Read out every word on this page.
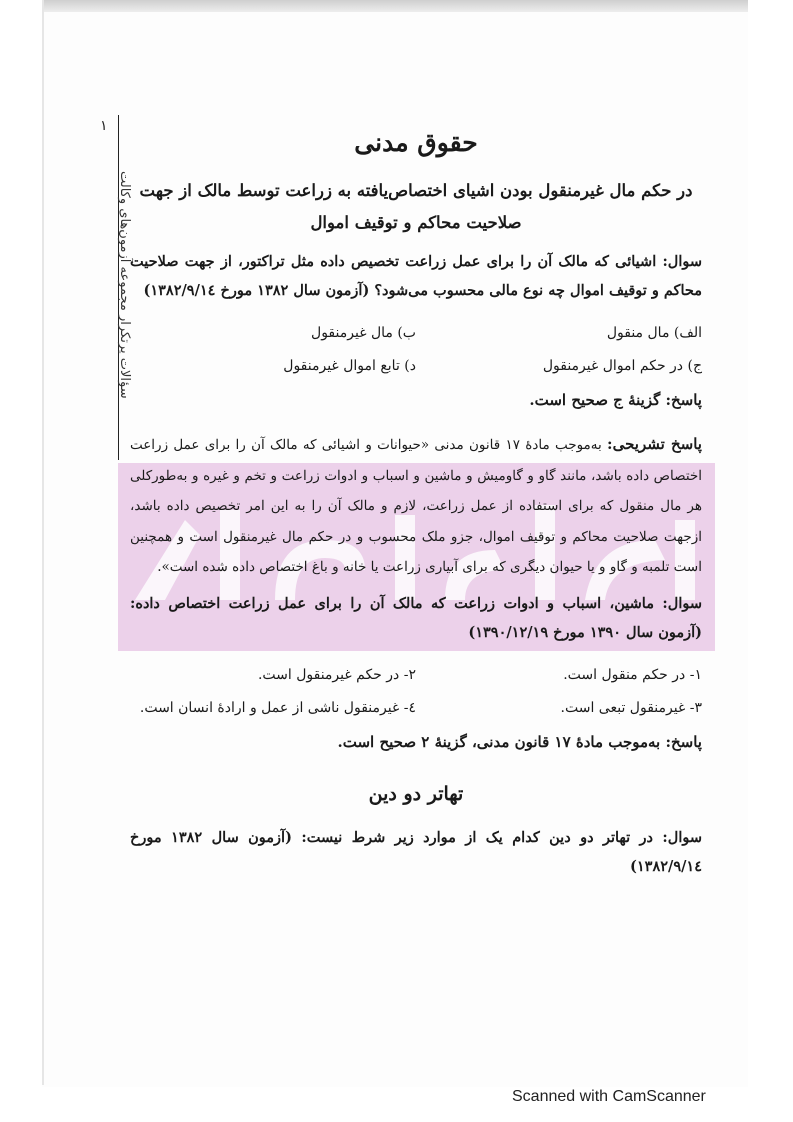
سؤالات پرتکرار مجموعه آزمون‌های وکالت
١
حقوق مدنی
در حکم مال غیرمنقول بودن اشیای اختصاص‌یافته به زراعت توسط مالک از جهت صلاحیت محاکم و توقیف اموال
سوال: اشیائی که مالک آن را برای عمل زراعت تخصیص داده مثل تراکتور، از جهت صلاحیت محاکم و توقیف اموال چه نوع مالی محسوب می‌شود؟ (آزمون سال ۱۳۸۲ مورخ ۱۳۸۲/۹/۱٤)
الف) مال منقول
ب) مال غیرمنقول
ج) در حکم اموال غیرمنقول
د) تابع اموال غیرمنقول
پاسخ: گزینهٔ ج صحیح است.
پاسخ تشریحی: به‌موجب مادهٔ ۱۷ قانون مدنی «حیوانات و اشیائی که مالک آن را برای عمل زراعت اختصاص داده باشد، مانند گاو و گاومیش و ماشین و اسباب و ادوات زراعت و تخم و غیره و به‌طورکلی هر مال منقول که برای استفاده از عمل زراعت، لازم و مالک آن را به این امر تخصیص داده باشد، ازجهت صلاحیت محاکم و توقیف اموال، جزو ملک محسوب و در حکم مال غیرمنقول است و همچنین است تلمبه و گاو و یا حیوان دیگری که برای آبیاری زراعت یا خانه و باغ اختصاص داده شده است».
سوال: ماشین، اسباب و ادوات زراعت که مالک آن را برای عمل زراعت اختصاص داده: (آزمون سال ۱۳۹۰ مورخ ۱۳۹۰/۱۲/۱۹)
۱- در حکم منقول است.
۲- در حکم غیرمنقول است.
۳- غیرمنقول تبعی است.
٤- غیرمنقول ناشی از عمل و ارادهٔ انسان است.
پاسخ: به‌موجب مادهٔ ۱۷ قانون مدنی، گزینهٔ ۲ صحیح است.
تهاتر دو دین
سوال: در تهاتر دو دین کدام یک از موارد زیر شرط نیست: (آزمون سال ۱۳۸۲ مورخ ۱۳۸۲/۹/۱٤)
Scanned with CamScanner
